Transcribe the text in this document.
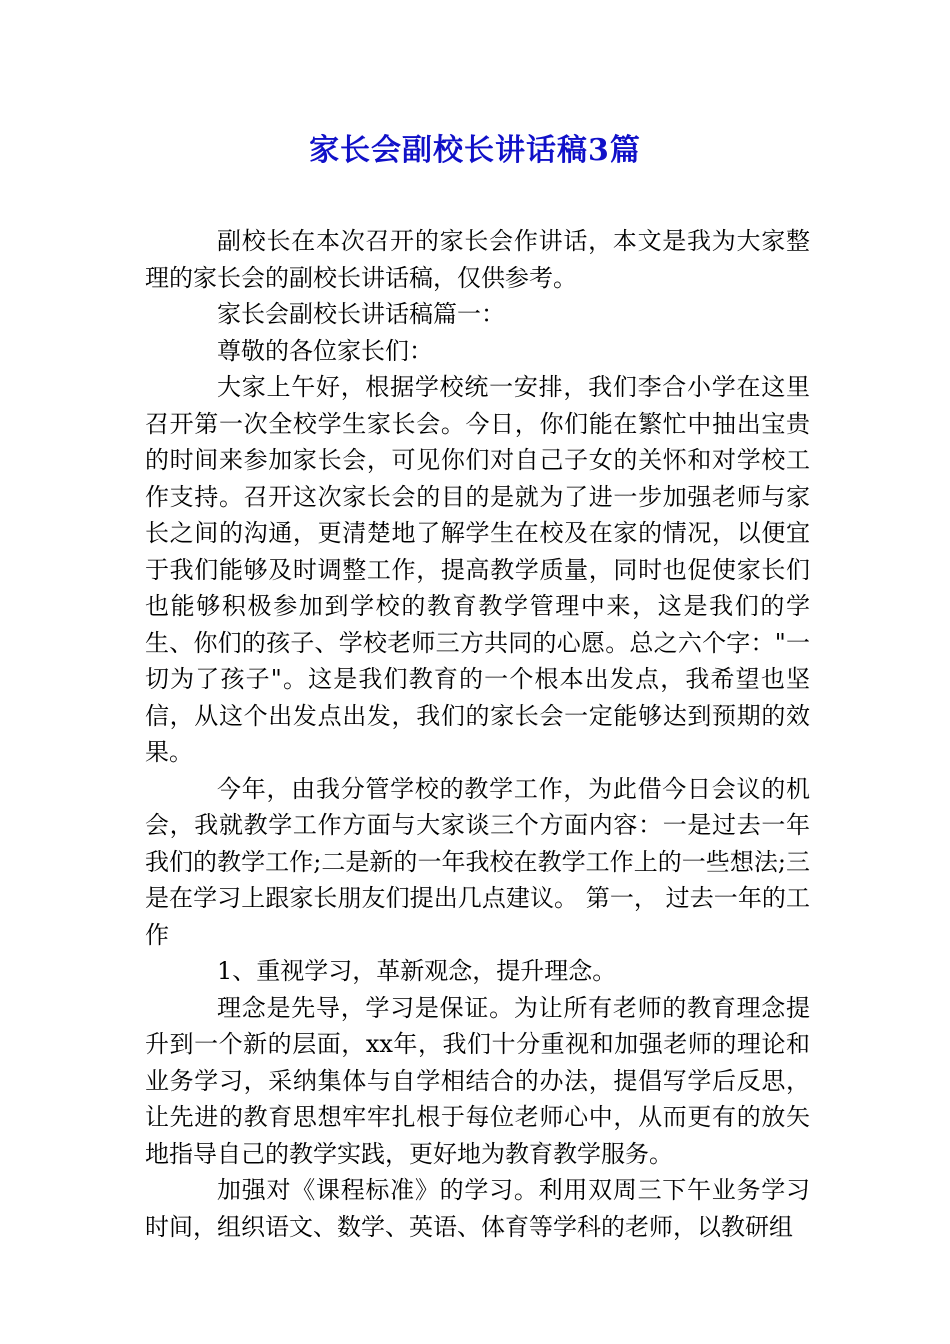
家长会副校长讲话稿3篇

副校长在本次召开的家长会作讲话，本文是我为大家整理的家长会的副校长讲话稿，仅供参考。

家长会副校长讲话稿篇一：

尊敬的各位家长们：

大家上午好，根据学校统一安排，我们李合小学在这里召开第一次全校学生家长会。今日，你们能在繁忙中抽出宝贵的时间来参加家长会，可见你们对自己子女的关怀和对学校工作支持。召开这次家长会的目的是就为了进一步加强老师与家长之间的沟通，更清楚地了解学生在校及在家的情况，以便宜于我们能够及时调整工作，提高教学质量，同时也促使家长们也能够积极参加到学校的教育教学管理中来，这是我们的学生、你们的孩子、学校老师三方共同的心愿。总之六个字："一切为了孩子"。这是我们教育的一个根本出发点，我希望也坚信，从这个出发点出发，我们的家长会一定能够达到预期的效果。

今年，由我分管学校的教学工作，为此借今日会议的机会，我就教学工作方面与大家谈三个方面内容：一是过去一年我们的教学工作;二是新的一年我校在教学工作上的一些想法;三是在学习上跟家长朋友们提出几点建议。 第一， 过去一年的工作

1、重视学习，革新观念，提升理念。

理念是先导，学习是保证。为让所有老师的教育理念提升到一个新的层面，xx年，我们十分重视和加强老师的理论和业务学习，采纳集体与自学相结合的办法，提倡写学后反思，让先进的教育思想牢牢扎根于每位老师心中，从而更有的放矢地指导自己的教学实践，更好地为教育教学服务。

加强对《课程标准》的学习。利用双周三下午业务学习时间，组织语文、数学、英语、体育等学科的老师，以教研组
